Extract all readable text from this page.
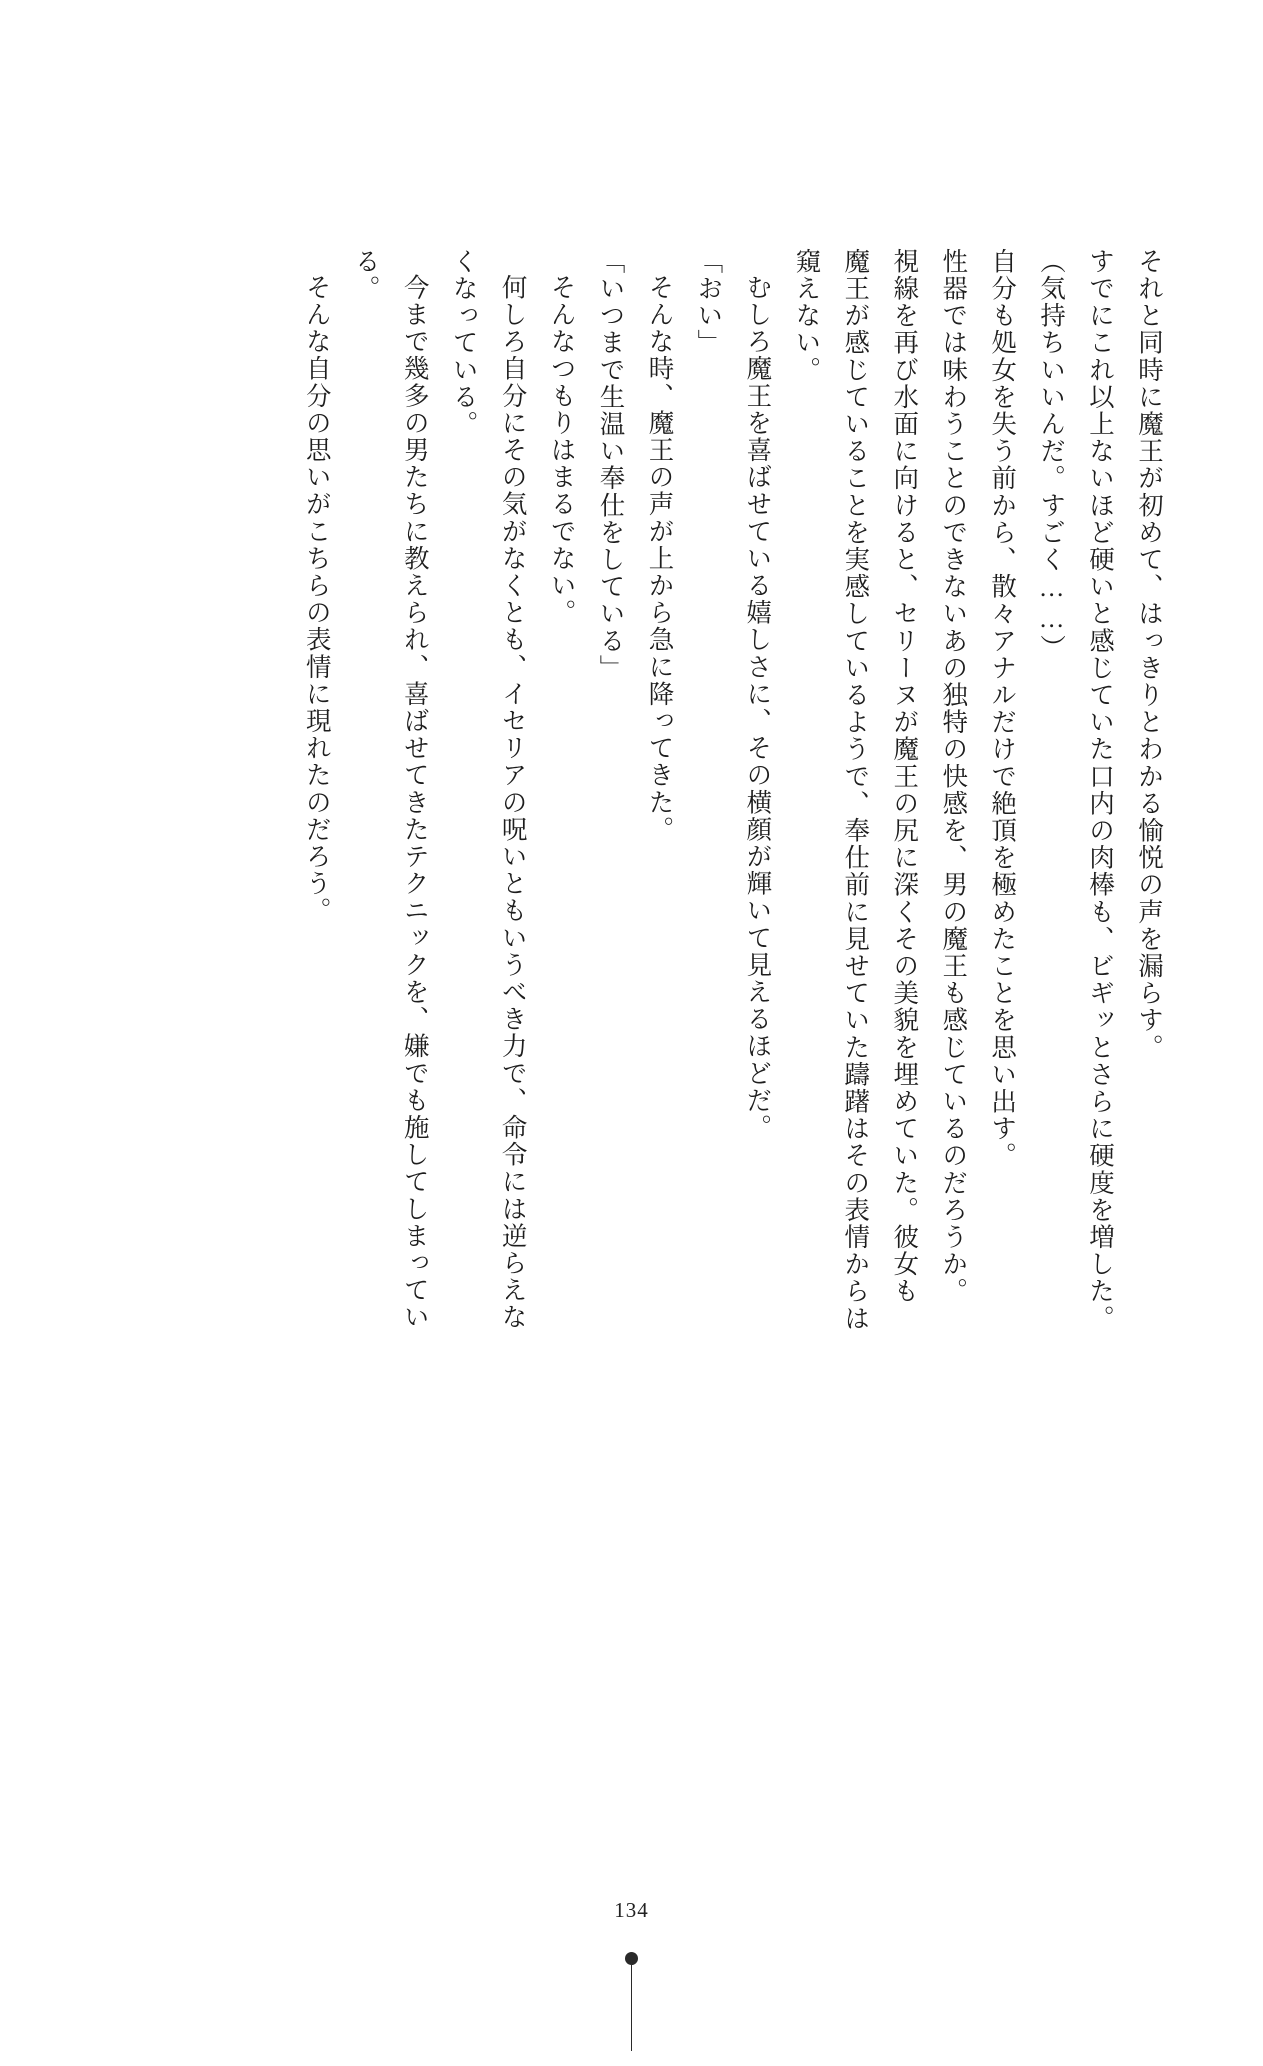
それと同時に魔王が初めて、はっきりとわかる愉悦の声を漏らす。

すでにこれ以上ないほど硬いと感じていた口内の肉棒も、ビギッとさらに硬度を増した。

（気持ちいいんだ。すごく……）

自分も処女を失う前から、散々アナルだけで絶頂を極めたことを思い出す。

性器では味わうことのできないあの独特の快感を、男の魔王も感じているのだろうか。

視線を再び水面に向けると、セリーヌが魔王の尻に深くその美貌を埋めていた。彼女も

魔王が感じていることを実感しているようで、奉仕前に見せていた躊躇はその表情からは

窺えない。

むしろ魔王を喜ばせている嬉しさに、その横顔が輝いて見えるほどだ。

「おい」

そんな時、魔王の声が上から急に降ってきた。

「いつまで生温い奉仕をしている」

そんなつもりはまるでない。

何しろ自分にその気がなくとも、イセリアの呪いともいうべき力で、命令には逆らえな

くなっている。

今まで幾多の男たちに教えられ、喜ばせてきたテクニックを、嫌でも施してしまってい

る。

そんな自分の思いがこちらの表情に現れたのだろう。

134
